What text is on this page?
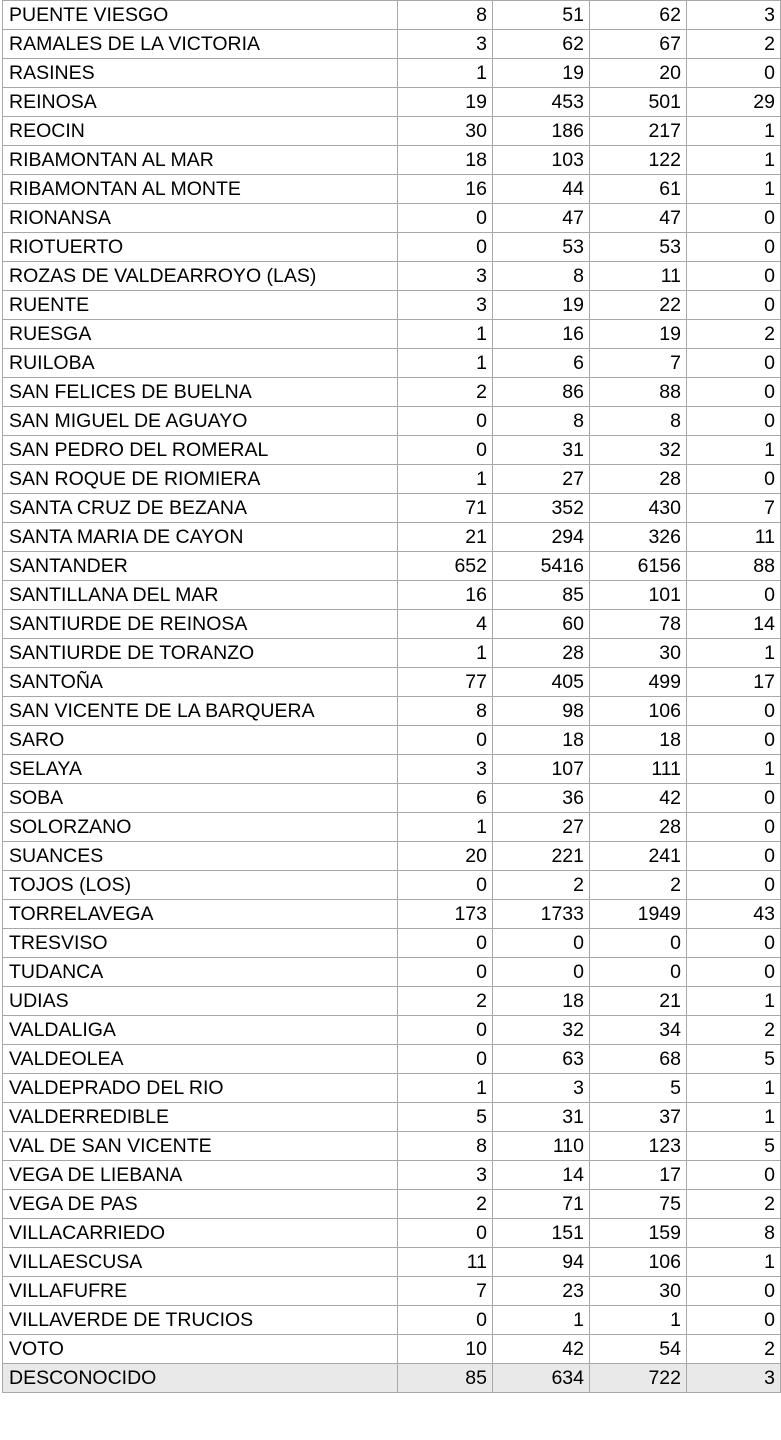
PUENTE VIESGO	8	51	62	3
RAMALES DE LA VICTORIA	3	62	67	2
RASINES	1	19	20	0
REINOSA	19	453	501	29
REOCIN	30	186	217	1
RIBAMONTAN AL MAR	18	103	122	1
RIBAMONTAN AL MONTE	16	44	61	1
RIONANSA	0	47	47	0
RIOTUERTO	0	53	53	0
ROZAS DE VALDEARROYO (LAS)	3	8	11	0
RUENTE	3	19	22	0
RUESGA	1	16	19	2
RUILOBA	1	6	7	0
SAN FELICES DE BUELNA	2	86	88	0
SAN MIGUEL DE AGUAYO	0	8	8	0
SAN PEDRO DEL ROMERAL	0	31	32	1
SAN ROQUE DE RIOMIERA	1	27	28	0
SANTA CRUZ DE BEZANA	71	352	430	7
SANTA MARIA DE CAYON	21	294	326	11
SANTANDER	652	5416	6156	88
SANTILLANA DEL MAR	16	85	101	0
SANTIURDE DE REINOSA	4	60	78	14
SANTIURDE DE TORANZO	1	28	30	1
SANTOÑA	77	405	499	17
SAN VICENTE DE LA BARQUERA	8	98	106	0
SARO	0	18	18	0
SELAYA	3	107	111	1
SOBA	6	36	42	0
SOLORZANO	1	27	28	0
SUANCES	20	221	241	0
TOJOS (LOS)	0	2	2	0
TORRELAVEGA	173	1733	1949	43
TRESVISO	0	0	0	0
TUDANCA	0	0	0	0
UDIAS	2	18	21	1
VALDALIGA	0	32	34	2
VALDEOLEA	0	63	68	5
VALDEPRADO DEL RIO	1	3	5	1
VALDERREDIBLE	5	31	37	1
VAL DE SAN VICENTE	8	110	123	5
VEGA DE LIEBANA	3	14	17	0
VEGA DE PAS	2	71	75	2
VILLACARRIEDO	0	151	159	8
VILLAESCUSA	11	94	106	1
VILLAFUFRE	7	23	30	0
VILLAVERDE DE TRUCIOS	0	1	1	0
VOTO	10	42	54	2
DESCONOCIDO	85	634	722	3
